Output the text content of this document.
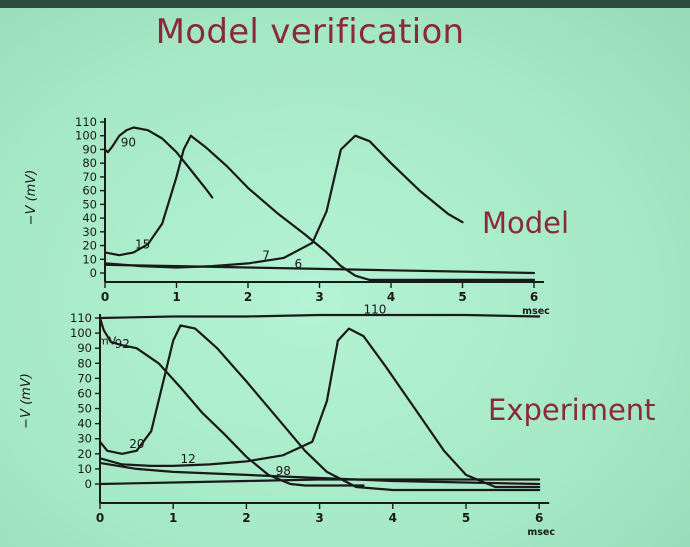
Model verification
Model
Experiment
110
100
90
80
70
60
50
40
30
20
10
0
−V (mV)
0	1	2	3	4	5	6
msec
90
15
7
6
110
100
90
80
70
60
50
40
30
20
10
0
−V (mV)
mV
0	1	2	3	4	5	6
msec
110
92
20
12
98
